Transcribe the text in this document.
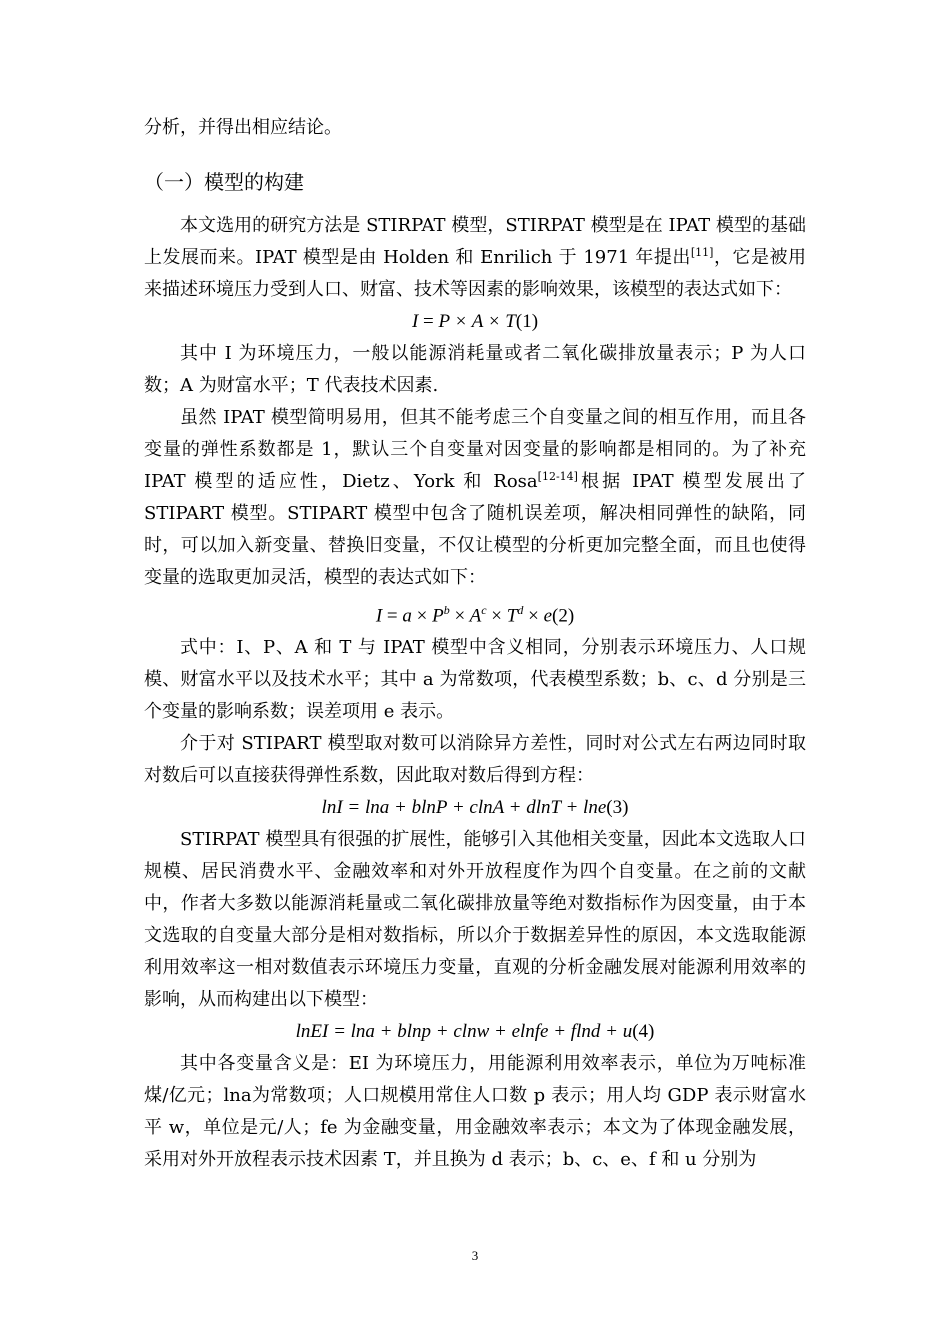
分析，并得出相应结论。

（一）模型的构建

本文选用的研究方法是 STIRPAT 模型，STIRPAT 模型是在 IPAT 模型的基础上发展而来。IPAT 模型是由 Holden 和 Enrilich 于 1971 年提出[11]，它是被用来描述环境压力受到人口、财富、技术等因素的影响效果，该模型的表达式如下：

I = P × A × T(1)

其中 I 为环境压力，一般以能源消耗量或者二氧化碳排放量表示；P 为人口数；A 为财富水平；T 代表技术因素.

虽然 IPAT 模型简明易用，但其不能考虑三个自变量之间的相互作用，而且各变量的弹性系数都是 1，默认三个自变量对因变量的影响都是相同的。为了补充 IPAT 模型的适应性，Dietz、York 和 Rosa[12-14]根据 IPAT 模型发展出了 STIPART 模型。STIPART 模型中包含了随机误差项，解决相同弹性的缺陷，同时，可以加入新变量、替换旧变量，不仅让模型的分析更加完整全面，而且也使得变量的选取更加灵活，模型的表达式如下：

$I = a \times P^b \times A^c \times T^d \times e(2)$

式中：I、P、A 和 T 与 IPAT 模型中含义相同，分别表示环境压力、人口规模、财富水平以及技术水平；其中 a 为常数项，代表模型系数；b、c、d 分别是三个变量的影响系数；误差项用 e 表示。

介于对 STIPART 模型取对数可以消除异方差性，同时对公式左右两边同时取对数后可以直接获得弹性系数，因此取对数后得到方程：

lnI = lna + blnP + clnA + dlnT + lne(3)

STIRPAT 模型具有很强的扩展性，能够引入其他相关变量，因此本文选取人口规模、居民消费水平、金融效率和对外开放程度作为四个自变量。在之前的文献中，作者大多数以能源消耗量或二氧化碳排放量等绝对数指标作为因变量，由于本文选取的自变量大部分是相对数指标，所以介于数据差异性的原因，本文选取能源利用效率这一相对数值表示环境压力变量，直观的分析金融发展对能源利用效率的影响，从而构建出以下模型：

lnEI = lna + blnp + clnw + elnfe + flnd + u(4)

其中各变量含义是：EI 为环境压力，用能源利用效率表示，单位为万吨标准煤/亿元；lna为常数项；人口规模用常住人口数 p 表示；用人均 GDP 表示财富水平 w，单位是元/人；fe 为金融变量，用金融效率表示；本文为了体现金融发展，采用对外开放程表示技术因素 T，并且换为 d 表示；b、c、e、f 和 u 分别为

3
